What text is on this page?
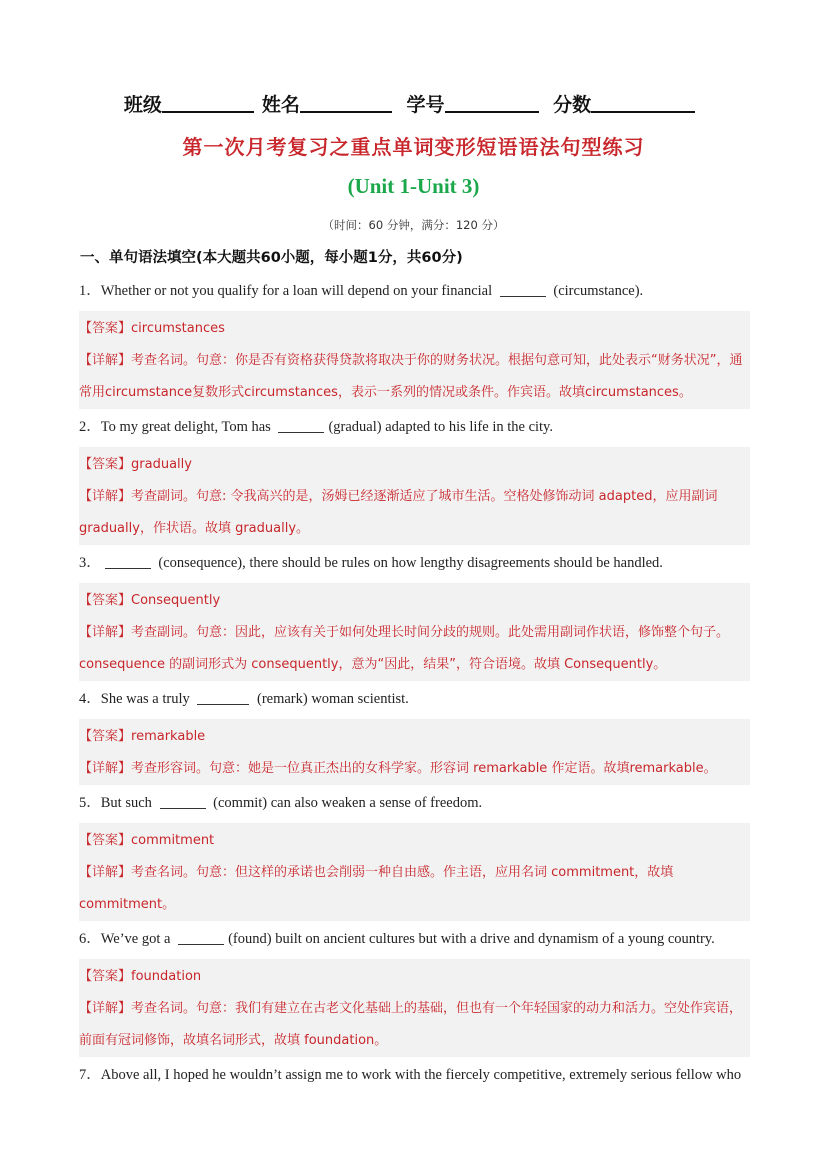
班级	姓名	学号	分数
第一次月考复习之重点单词变形短语语法句型练习
(Unit 1-Unit 3)
（时间：60 分钟，满分：120 分）
一、单句语法填空(本大题共60小题，每小题1分，共60分)
1．Whether or not you qualify for a loan will depend on your financial	(circumstance).
【答案】circumstances
【详解】考查名词。句意：你是否有资格获得贷款将取决于你的财务状况。根据句意可知，此处表示“财务状况”，通常用circumstance复数形式circumstances，表示一系列的情况或条件。作宾语。故填circumstances。
2．To my great delight, Tom has	(gradual) adapted to his life in the city.
【答案】gradually
【详解】考查副词。句意: 令我高兴的是，汤姆已经逐渐适应了城市生活。空格处修饰动词 adapted，应用副词 gradually，作状语。故填 gradually。
3．	(consequence), there should be rules on how lengthy disagreements should be handled.
【答案】Consequently
【详解】考查副词。句意：因此，应该有关于如何处理长时间分歧的规则。此处需用副词作状语，修饰整个句子。consequence 的副词形式为 consequently，意为“因此，结果”，符合语境。故填 Consequently。
4．She was a truly	(remark) woman scientist.
【答案】remarkable
【详解】考查形容词。句意：她是一位真正杰出的女科学家。形容词 remarkable 作定语。故填remarkable。
5．But such	(commit) can also weaken a sense of freedom.
【答案】commitment
【详解】考查名词。句意：但这样的承诺也会削弱一种自由感。作主语，应用名词 commitment，故填commitment。
6．We’ve got a	(found) built on ancient cultures but with a drive and dynamism of a young country.
【答案】foundation
【详解】考查名词。句意：我们有建立在古老文化基础上的基础，但也有一个年轻国家的动力和活力。空处作宾语，前面有冠词修饰，故填名词形式，故填 foundation。
7．Above all, I hoped he wouldn’t assign me to work with the fiercely competitive, extremely serious fellow who
